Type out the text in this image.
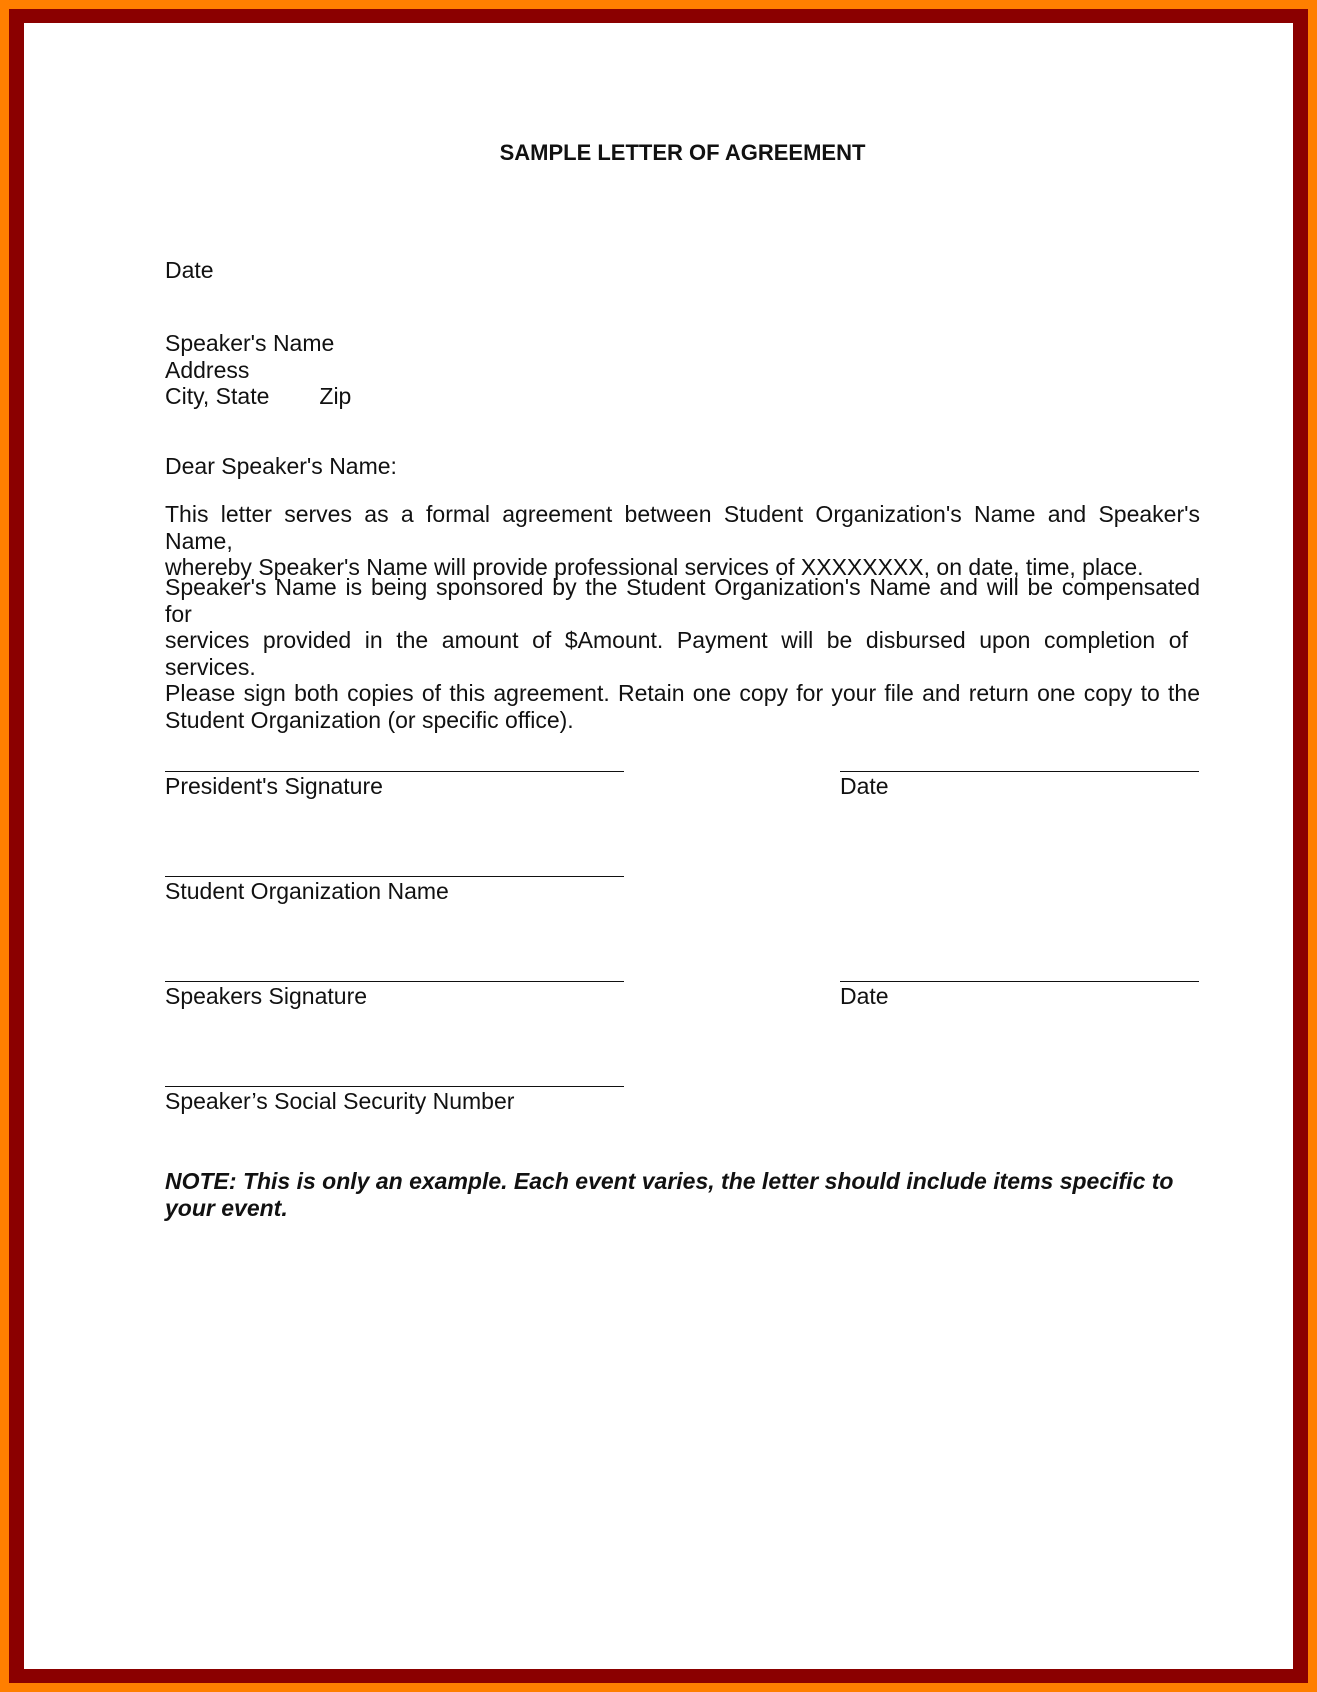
SAMPLE LETTER OF AGREEMENT

Date

Speaker's Name

Address

City, State Zip

Dear Speaker's Name:

This letter serves as a formal agreement between Student Organization's Name and Speaker's Name,

whereby Speaker's Name will provide professional services of XXXXXXXX, on date, time, place.

Speaker's Name is being sponsored by the Student Organization's Name and will be compensated for

services provided in the amount of $Amount. Payment will be disbursed upon completion of services.

Please sign both copies of this agreement. Retain one copy for your file and return one copy to the

Student Organization (or specific office).

President's Signature	Date
Student Organization Name
Speakers Signature	Date
Speaker’s Social Security Number

NOTE: This is only an example. Each event varies, the letter should include items specific to

your event.
